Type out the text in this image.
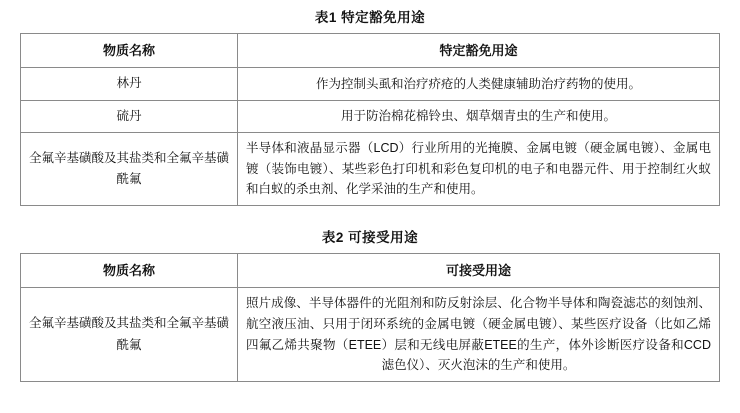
表1 特定豁免用途
物质名称	特定豁免用途
林丹	作为控制头虱和治疗疥疮的人类健康辅助治疗药物的使用。
硫丹	用于防治棉花棉铃虫、烟草烟青虫的生产和使用。
全氟辛基磺酸及其盐类和全氟辛基磺酰氟	半导体和液晶显示器（LCD）行业所用的光掩膜、金属电镀（硬金属电镀）、金属电镀（装饰电镀）、某些彩色打印机和彩色复印机的电子和电器元件、用于控制红火蚁和白蚁的杀虫剂、化学采油的生产和使用。
表2 可接受用途
物质名称	可接受用途
全氟辛基磺酸及其盐类和全氟辛基磺酰氟	照片成像、半导体器件的光阻剂和防反射涂层、化合物半导体和陶瓷滤芯的刻蚀剂、航空液压油、只用于闭环系统的金属电镀（硬金属电镀）、某些医疗设备（比如乙烯四氟乙烯共聚物（ETEE）层和无线电屏蔽ETEE的生产，体外诊断医疗设备和CCD滤色仪）、灭火泡沫的生产和使用。
